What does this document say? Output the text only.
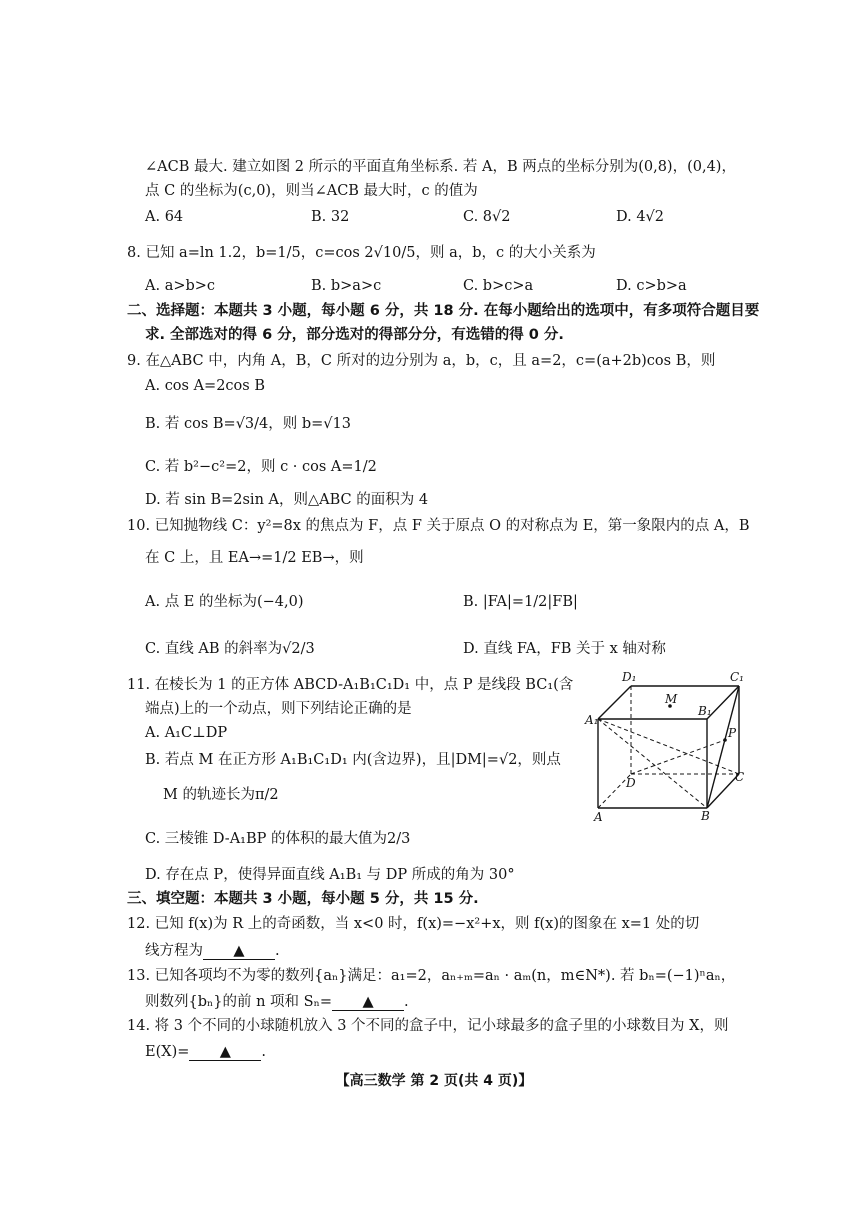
∠ACB 最大. 建立如图 2 所示的平面直角坐标系. 若 A，B 两点的坐标分别为(0,8)，(0,4)，
点 C 的坐标为(c,0)，则当∠ACB 最大时，c 的值为
A. 64	B. 32	C. 8√2	D. 4√2
8. 已知 a=ln 1.2，b=1/5，c=cos 2√10/5，则 a，b，c 的大小关系为
A. a>b>c	B. b>a>c	C. b>c>a	D. c>b>a
二、选择题：本题共 3 小题，每小题 6 分，共 18 分. 在每小题给出的选项中，有多项符合题目要
求. 全部选对的得 6 分，部分选对的得部分分，有选错的得 0 分.
9. 在△ABC 中，内角 A，B，C 所对的边分别为 a，b，c，且 a=2，c=(a+2b)cos B，则
A. cos A=2cos B
B. 若 cos B=√3/4，则 b=√13
C. 若 b²−c²=2，则 c · cos A=1/2
D. 若 sin B=2sin A，则△ABC 的面积为 4
10. 已知抛物线 C：y²=8x 的焦点为 F，点 F 关于原点 O 的对称点为 E，第一象限内的点 A，B
在 C 上，且 EA→=1/2 EB→，则
A. 点 E 的坐标为(−4,0)	B. |FA|=1/2|FB|
C. 直线 AB 的斜率为√2/3	D. 直线 FA，FB 关于 x 轴对称
11. 在棱长为 1 的正方体 ABCD-A₁B₁C₁D₁ 中，点 P 是线段 BC₁(含
端点)上的一个动点，则下列结论正确的是
A. A₁C⊥DP
B. 若点 M 在正方形 A₁B₁C₁D₁ 内(含边界)，且|DM|=√2，则点
M 的轨迹长为π/2
C. 三棱锥 D-A₁BP 的体积的最大值为2/3
D. 存在点 P，使得异面直线 A₁B₁ 与 DP 所成的角为 30°
D₁	C₁
A₁
B₁
M
P
D	C
A	B
三、填空题：本题共 3 小题，每小题 5 分，共 15 分.
12. 已知 f(x)为 R 上的奇函数，当 x<0 时，f(x)=−x²+x，则 f(x)的图象在 x=1 处的切
线方程为 ▲ .
13. 已知各项均不为零的数列{aₙ}满足：a₁=2，aₙ₊ₘ=aₙ · aₘ(n，m∈N*). 若 bₙ=(−1)ⁿaₙ，
则数列{bₙ}的前 n 项和 Sₙ= ▲ .
14. 将 3 个不同的小球随机放入 3 个不同的盒子中，记小球最多的盒子里的小球数目为 X，则
E(X)= ▲ .
【高三数学 第 2 页(共 4 页)】
